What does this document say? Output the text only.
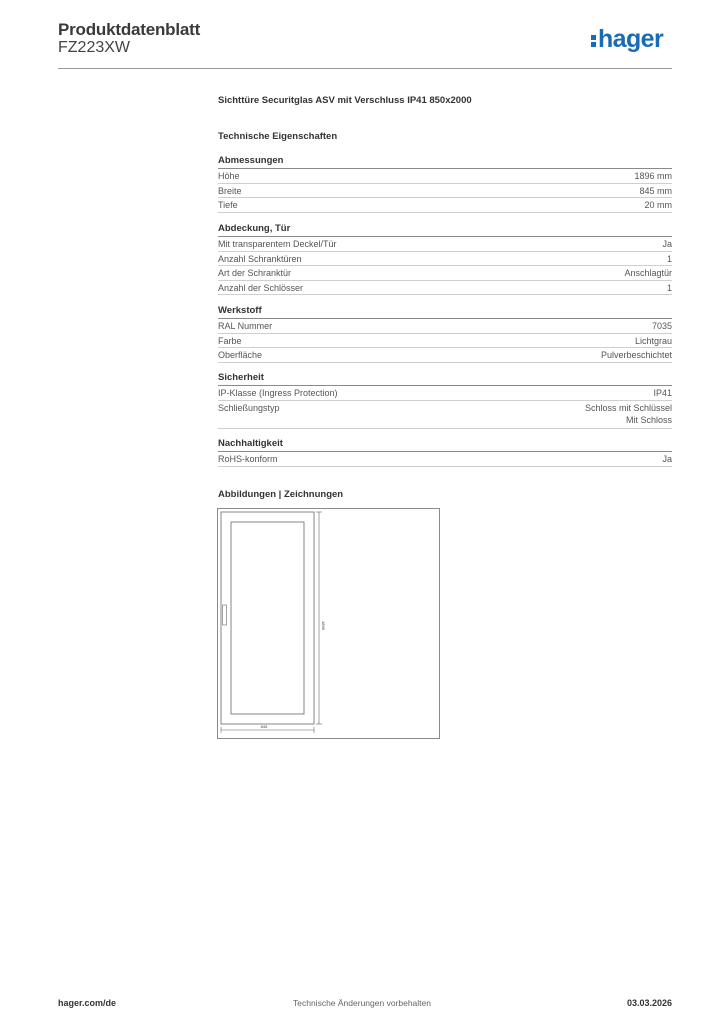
Produktdatenblatt
FZ223XW	hager
Sichttüre Securitglas ASV mit Verschluss IP41 850x2000
Technische Eigenschaften
Abmessungen
Höhe	1896 mm
Breite	845 mm
Tiefe	20 mm
Abdeckung, Tür
Mit transparentem Deckel/Tür	Ja
Anzahl Schranktüren	1
Art der Schranktür	Anschlagtür
Anzahl der Schlösser	1
Werkstoff
RAL Nummer	7035
Farbe	Lichtgrau
Oberfläche	Pulverbeschichtet
Sicherheit
IP-Klasse (Ingress Protection)	IP41
Schließungstyp	Schloss mit Schlüssel
Mit Schloss
Nachhaltigkeit
RoHS-konform	Ja
Abbildungen | Zeichnungen
1896
845
hager.com/de	Technische Änderungen vorbehalten	03.03.2026
